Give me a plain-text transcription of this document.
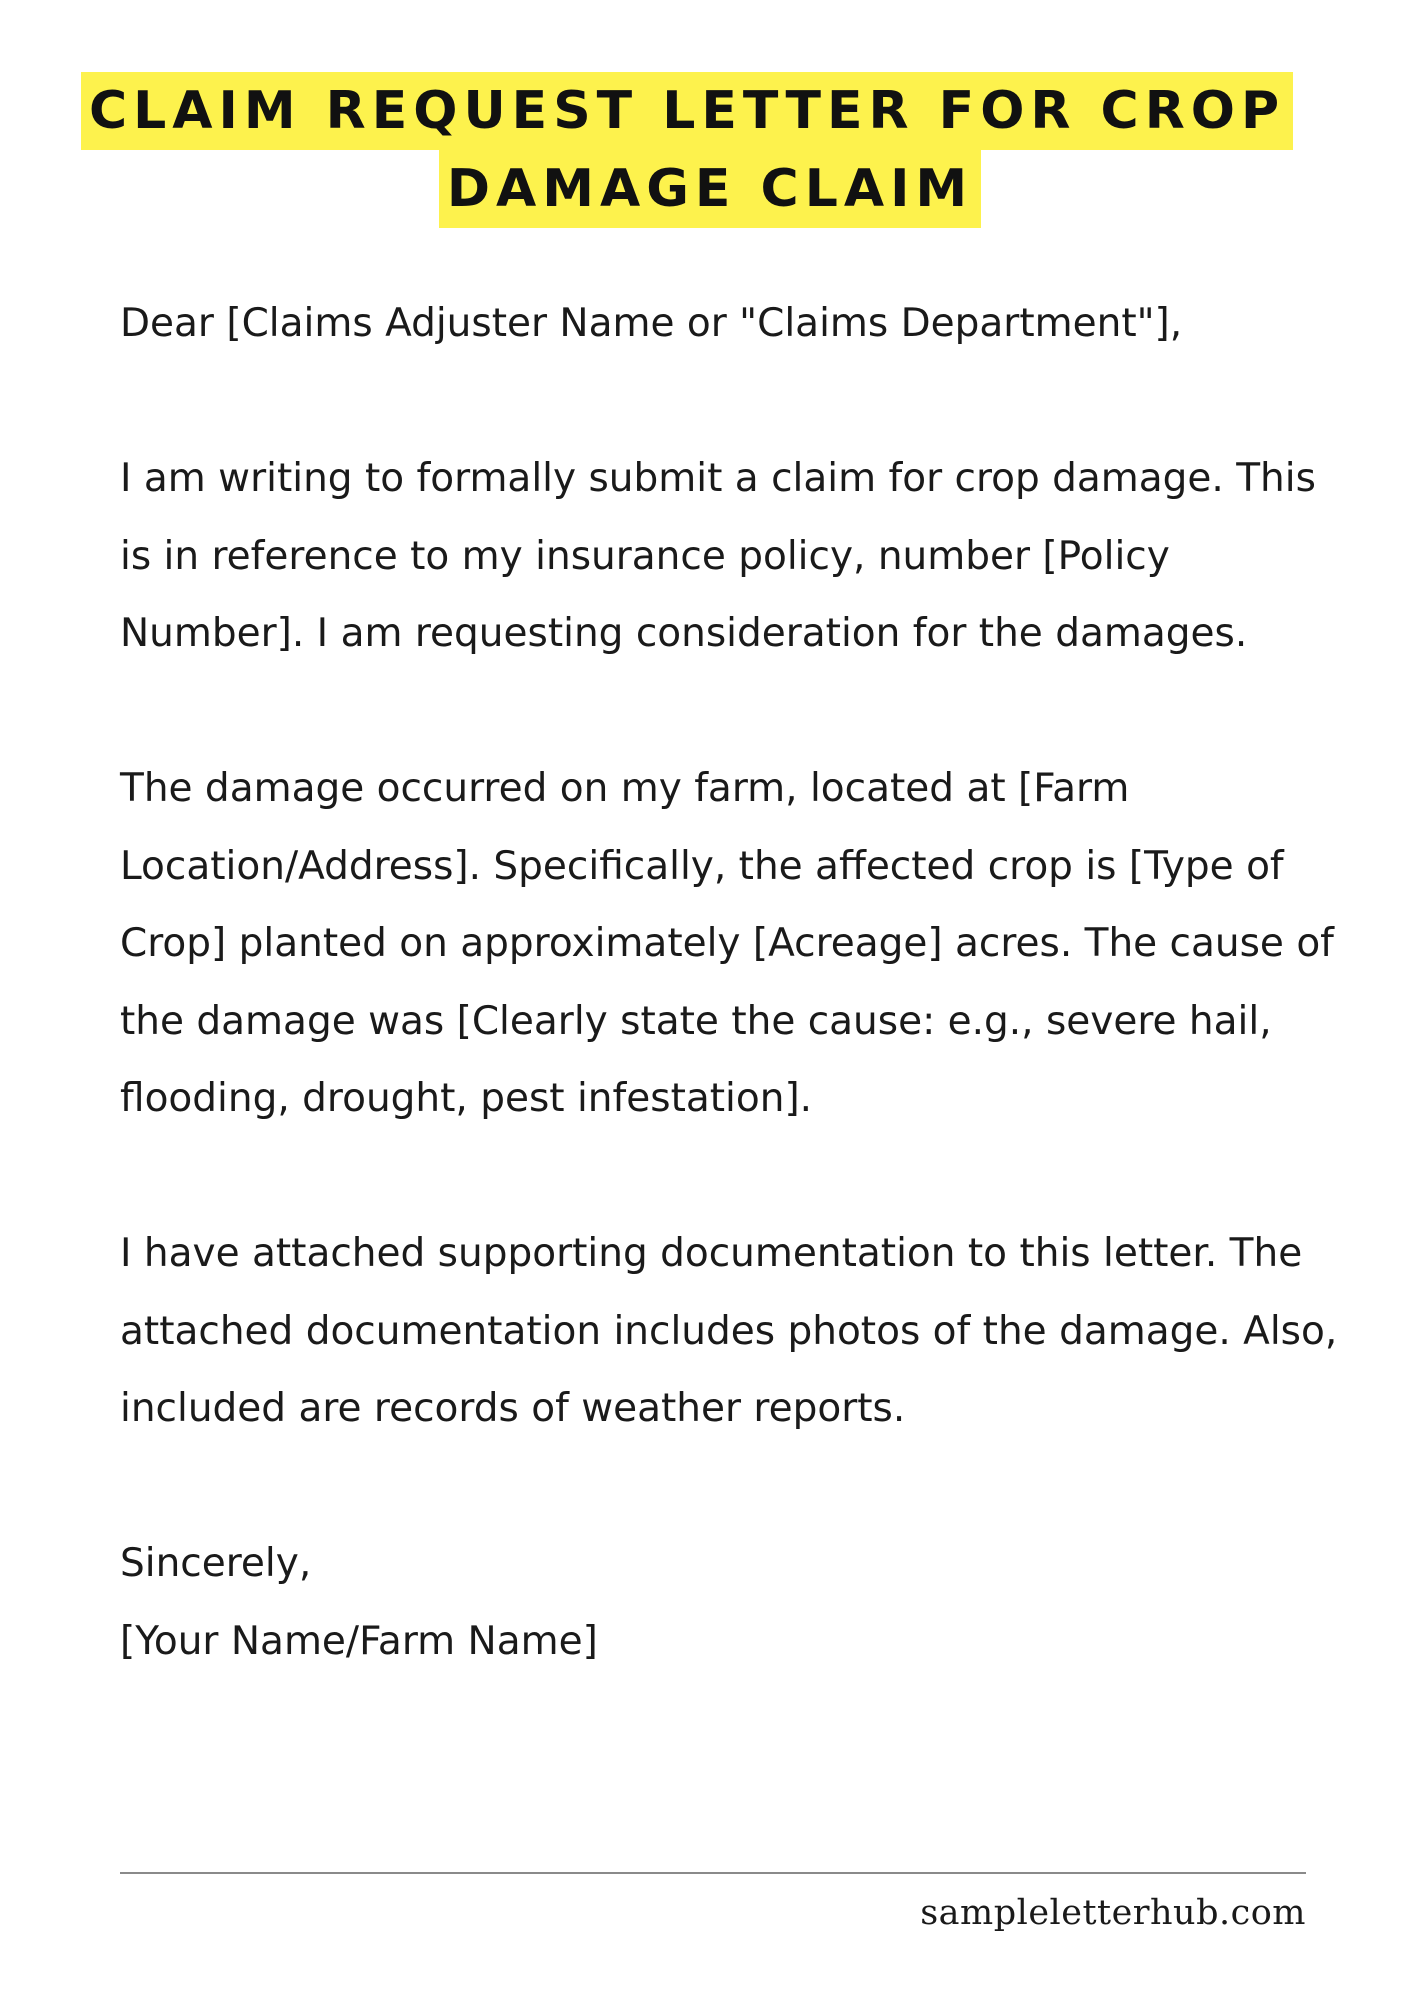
CLAIM REQUEST LETTER FOR CROP
DAMAGE CLAIM

Dear [Claims Adjuster Name or "Claims Department"],

I am writing to formally submit a claim for crop damage. This is in reference to my insurance policy, number [Policy Number]. I am requesting consideration for the damages.

The damage occurred on my farm, located at [Farm Location/Address]. Specifically, the affected crop is [Type of Crop] planted on approximately [Acreage] acres. The cause of the damage was [Clearly state the cause: e.g., severe hail, flooding, drought, pest infestation].

I have attached supporting documentation to this letter. The attached documentation includes photos of the damage. Also, included are records of weather reports.

Sincerely,

[Your Name/Farm Name]

sampleletterhub.com
